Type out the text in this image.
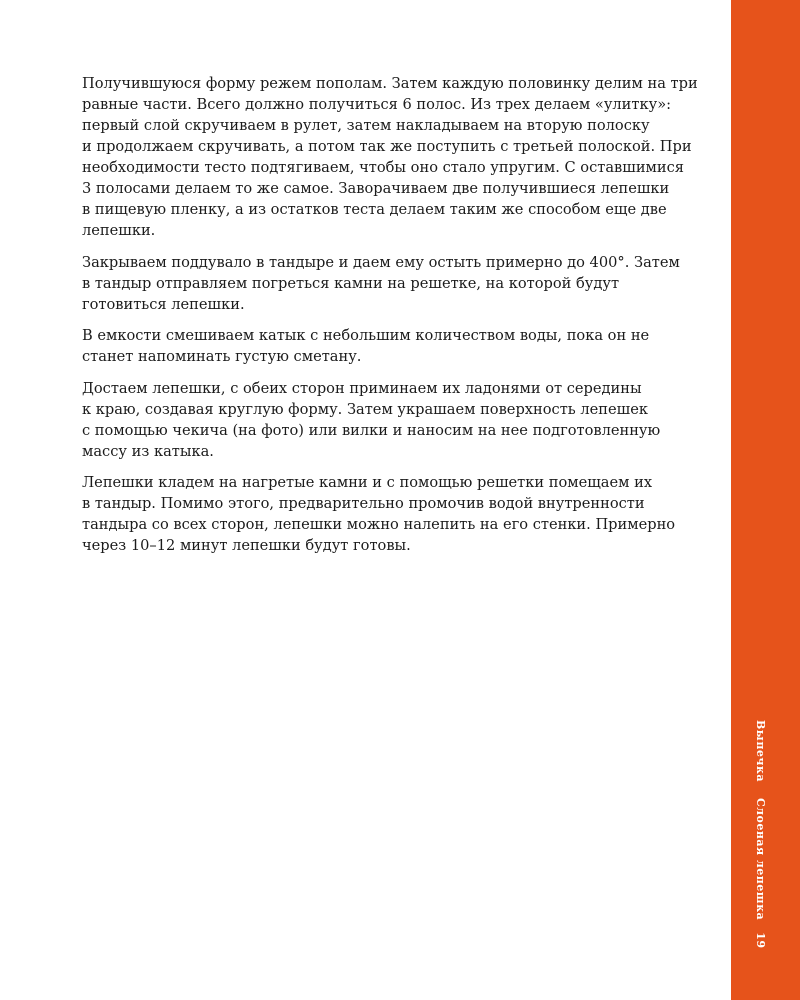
Получившуюся форму режем пополам. Затем каждую половинку делим на три
равные части. Всего должно получиться 6 полос. Из трех делаем «улитку»:
первый слой скручиваем в рулет, затем накладываем на вторую полоску
и продолжаем скручивать, а потом так же поступить с третьей полоской. При
необходимости тесто подтягиваем, чтобы оно стало упругим. С оставшимися
3 полосами делаем то же самое. Заворачиваем две получившиеся лепешки
в пищевую пленку, а из остатков теста делаем таким же способом еще две
лепешки.

Закрываем поддувало в тандыре и даем ему остыть примерно до 400°. Затем
в тандыр отправляем погреться камни на решетке, на которой будут
готовиться лепешки.

В емкости смешиваем катык с небольшим количеством воды, пока он не
станет напоминать густую сметану.

Достаем лепешки, с обеих сторон приминаем их ладонями от середины
к краю, создавая круглую форму. Затем украшаем поверхность лепешек
с помощью чекича (на фото) или вилки и наносим на нее подготовленную
массу из катыка.

Лепешки кладем на нагретые камни и с помощью решетки помещаем их
в тандыр. Помимо этого, предварительно промочив водой внутренности
тандыра со всех сторон, лепешки можно налепить на его стенки. Примерно
через 10–12 минут лепешки будут готовы.

Выпечка
Слоеная лепешка
19
